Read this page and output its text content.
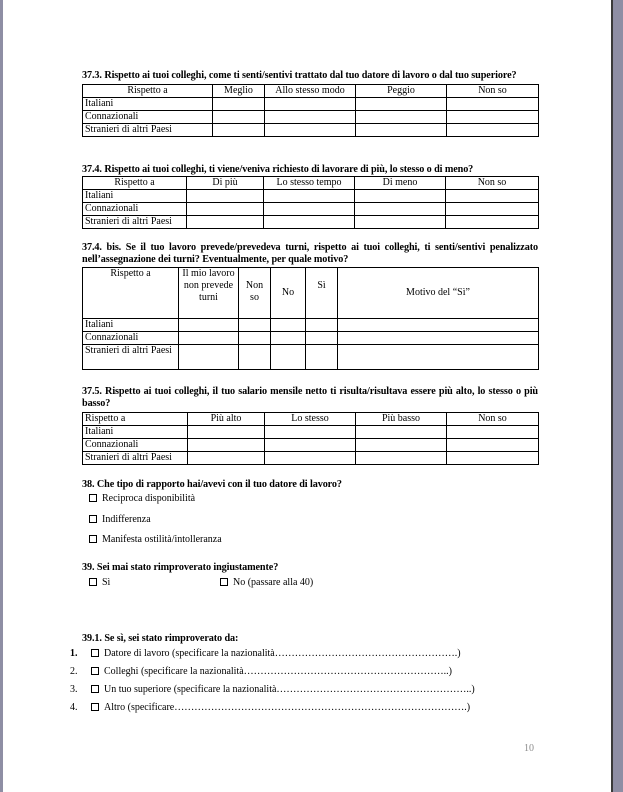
37.3. Rispetto ai tuoi colleghi, come ti senti/sentivi trattato dal tuo datore di lavoro o dal tuo superiore?

Rispetto a	Meglio	Allo stesso modo	Peggio	Non so
Italiani				
Connazionali				
Stranieri di altri Paesi				

37.4. Rispetto ai tuoi colleghi, ti viene/veniva richiesto di lavorare di più, lo stesso o di meno?

Rispetto a	Di più	Lo stesso tempo	Di meno	Non so
Italiani				
Connazionali				
Stranieri di altri Paesi				

37.4. bis. Se il tuo lavoro prevede/prevedeva turni, rispetto ai tuoi colleghi, ti senti/sentivi penalizzato nell’assegnazione dei turni? Eventualmente, per quale motivo?

Rispetto a	Il mio lavoro non prevede turni	Non so	No	Sì	Motivo del “Sì”
Italiani					
Connazionali					
Stranieri di altri Paesi					

37.5. Rispetto ai tuoi colleghi, il tuo salario mensile netto ti risulta/risultava essere più alto, lo stesso o più basso?

Rispetto a	Più alto	Lo stesso	Più basso	Non so
Italiani				
Connazionali				
Stranieri di altri Paesi				

38. Che tipo di rapporto hai/avevi con il tuo datore di lavoro?

Reciproca disponibilità
Indifferenza
Manifesta ostilità/intolleranza

39. Sei mai stato rimproverato ingiustamente?

Sì	No (passare alla 40)

39.1. Se sì, sei stato rimproverato da:

1.	Datore di lavoro (specificare la nazionalità……………………………………………….)
2.	Colleghi (specificare la nazionalità……………………………………………………..)
3.	Un tuo superiore (specificare la nazionalità…………………………………………………..)
4.	Altro (specificare…………………………………………………………………………….)
10
